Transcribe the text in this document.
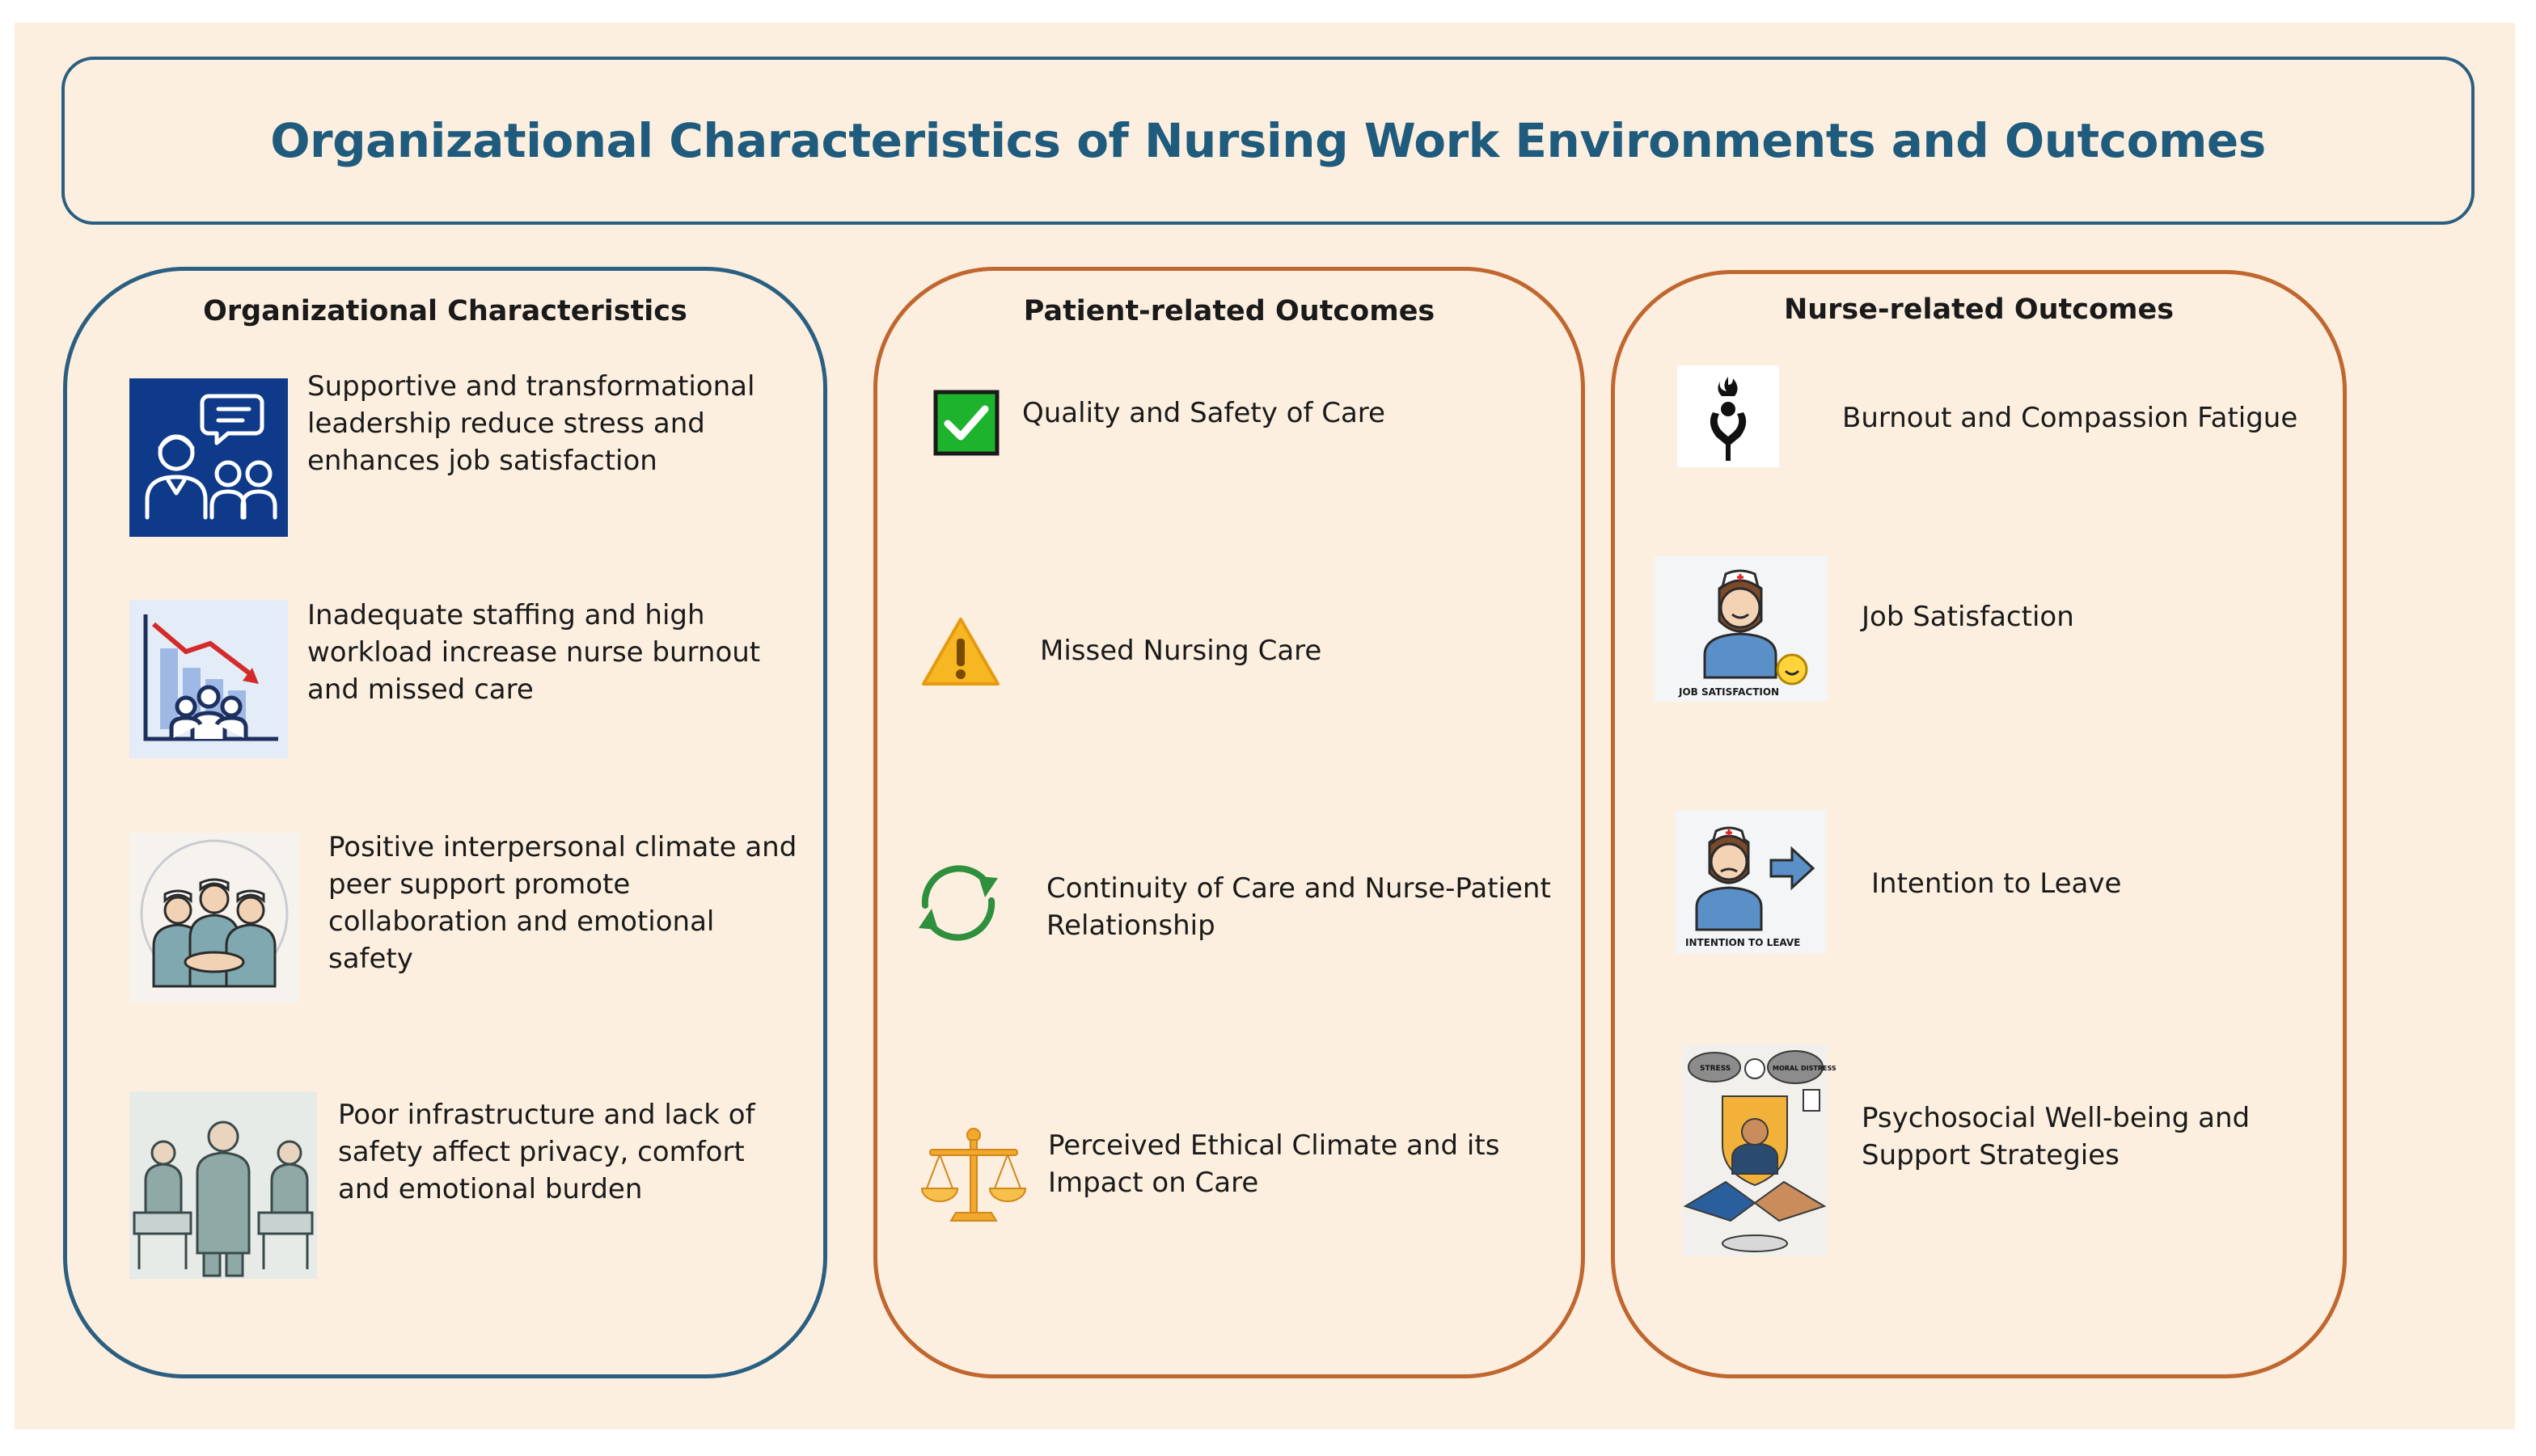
Organizational Characteristics of Nursing Work Environments and Outcomes
Organizational Characteristics
Supportive and transformational leadership reduce stress and enhances job satisfaction
Inadequate staffing and high workload increase nurse burnout and missed care
Positive interpersonal climate and peer support promote collaboration and emotional safety
Poor infrastructure and lack of safety affect privacy, comfort and emotional burden
Patient-related Outcomes
Quality and Safety of Care
Missed Nursing Care
Continuity of Care and Nurse-Patient Relationship
Perceived Ethical Climate and its Impact on Care
Nurse-related Outcomes
Burnout and Compassion Fatigue
JOB SATISFACTION
Job Satisfaction
INTENTION TO LEAVE
Intention to Leave
STRESS	MORAL DISTRESS
Psychosocial Well-being and Support Strategies
